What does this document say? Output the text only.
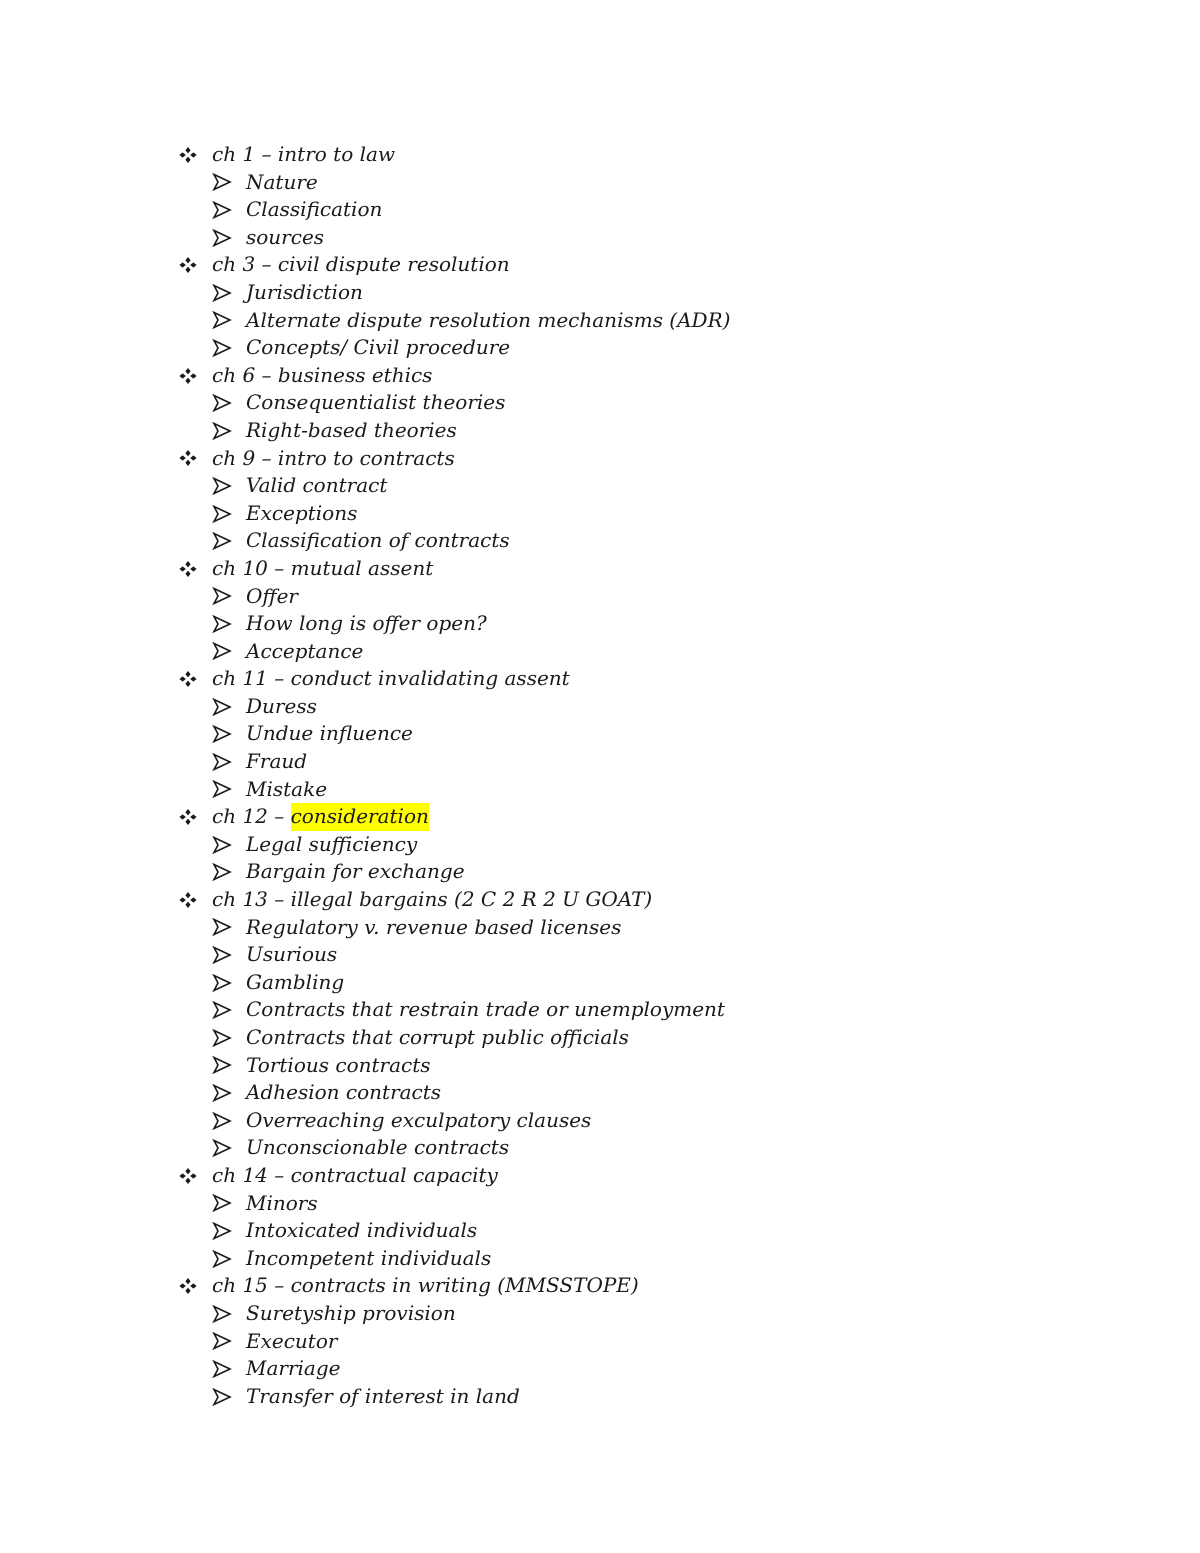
ch 1 – intro to law
Nature
Classification
sources
ch 3 – civil dispute resolution
Jurisdiction
Alternate dispute resolution mechanisms (ADR)
Concepts/ Civil procedure
ch 6 – business ethics
Consequentialist theories
Right-based theories
ch 9 – intro to contracts
Valid contract
Exceptions
Classification of contracts
ch 10 – mutual assent
Offer
How long is offer open?
Acceptance
ch 11 – conduct invalidating assent
Duress
Undue influence
Fraud
Mistake
ch 12 – consideration
Legal sufficiency
Bargain for exchange
ch 13 – illegal bargains (2 C 2 R 2 U GOAT)
Regulatory v. revenue based licenses
Usurious
Gambling
Contracts that restrain trade or unemployment
Contracts that corrupt public officials
Tortious contracts
Adhesion contracts
Overreaching exculpatory clauses
Unconscionable contracts
ch 14 – contractual capacity
Minors
Intoxicated individuals
Incompetent individuals
ch 15 – contracts in writing (MMSSTOPE)
Suretyship provision
Executor
Marriage
Transfer of interest in land
